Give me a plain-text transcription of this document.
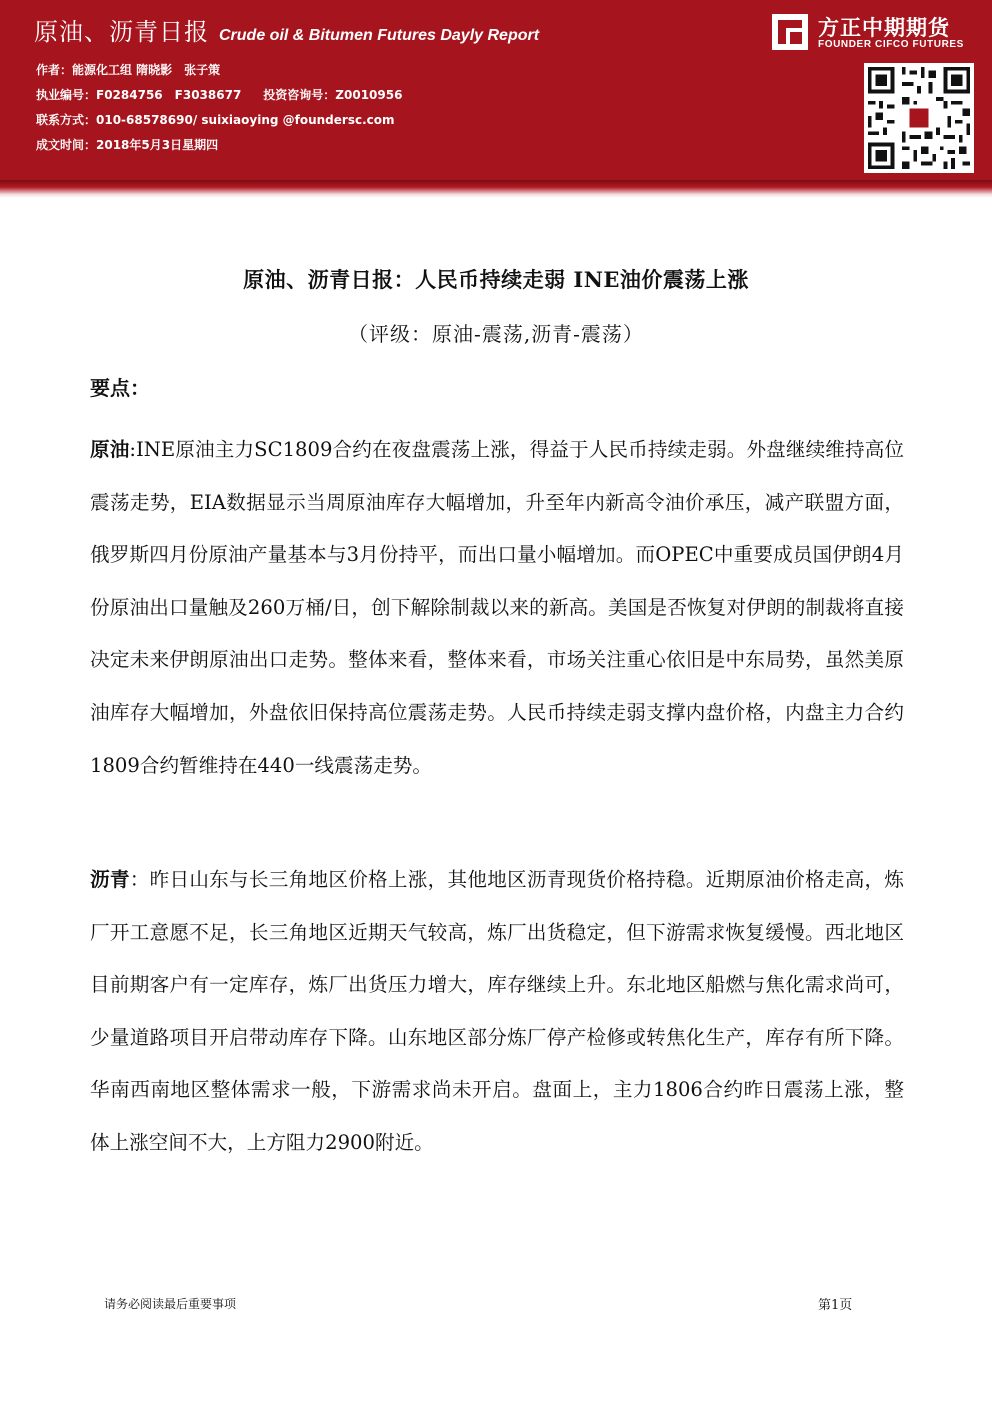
原油、沥青日报 Crude oil & Bitumen Futures Dayly Report
作者：能源化工组 隋晓影　张子策
执业编号：F0284756　F3038677 投资咨询号：Z0010956
联系方式：010-68578690/ suixiaoying @foundersc.com
成文时间：2018年5月3日星期四
方正中期期货
FOUNDER CIFCO FUTURES
原油、沥青日报：人民币持续走弱 INE油价震荡上涨
（评级：原油-震荡,沥青-震荡）
要点：
原油:INE原油主力SC1809合约在夜盘震荡上涨，得益于人民币持续走弱。外盘继续维持高位震荡走势，EIA数据显示当周原油库存大幅增加，升至年内新高令油价承压，减产联盟方面，俄罗斯四月份原油产量基本与3月份持平，而出口量小幅增加。而OPEC中重要成员国伊朗4月份原油出口量触及260万桶/日，创下解除制裁以来的新高。美国是否恢复对伊朗的制裁将直接决定未来伊朗原油出口走势。整体来看，整体来看，市场关注重心依旧是中东局势，虽然美原油库存大幅增加，外盘依旧保持高位震荡走势。人民币持续走弱支撑内盘价格，内盘主力合约1809合约暂维持在440一线震荡走势。
沥青：昨日山东与长三角地区价格上涨，其他地区沥青现货价格持稳。近期原油价格走高，炼厂开工意愿不足，长三角地区近期天气较高，炼厂出货稳定，但下游需求恢复缓慢。西北地区目前期客户有一定库存，炼厂出货压力增大，库存继续上升。东北地区船燃与焦化需求尚可，少量道路项目开启带动库存下降。山东地区部分炼厂停产检修或转焦化生产，库存有所下降。华南西南地区整体需求一般，下游需求尚未开启。盘面上，主力1806合约昨日震荡上涨，整体上涨空间不大，上方阻力2900附近。
请务必阅读最后重要事项	第1页
